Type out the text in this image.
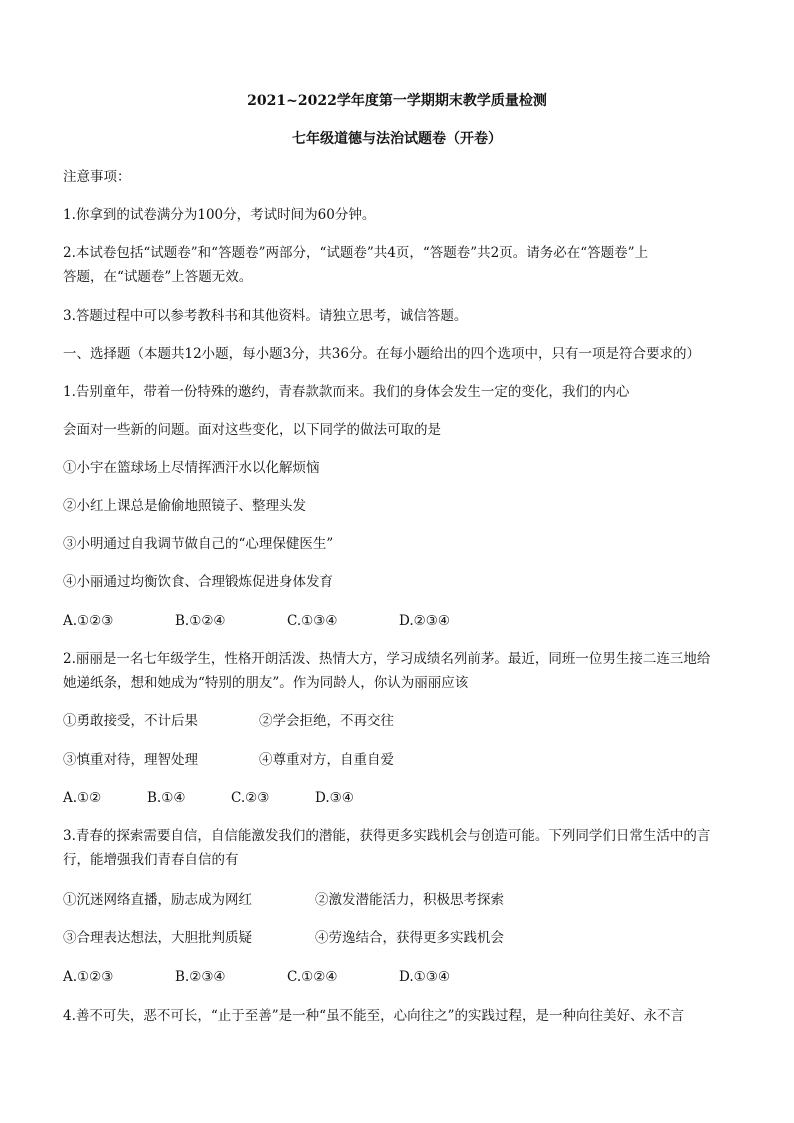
2021~2022学年度第一学期期末教学质量检测
七年级道德与法治试题卷（开卷）
注意事项：
1.你拿到的试卷满分为100分，考试时间为60分钟。
2.本试卷包括“试题卷”和“答题卷”两部分，“试题卷”共4页，“答题卷”共2页。请务必在“答题卷”上
答题，在“试题卷”上答题无效。
3.答题过程中可以参考教科书和其他资料。请独立思考，诚信答题。
一、选择题（本题共12小题，每小题3分，共36分。在每小题给出的四个选项中，只有一项是符合要求的）
1.告别童年，带着一份特殊的邀约，青春款款而来。我们的身体会发生一定的变化，我们的内心
会面对一些新的问题。面对这些变化，以下同学的做法可取的是
①小宇在篮球场上尽情挥洒汗水以化解烦恼
②小红上课总是偷偷地照镜子、整理头发
③小明通过自我调节做自己的“心理保健医生”
④小丽通过均衡饮食、合理锻炼促进身体发育
A.①②③	B.①②④	C.①③④	D.②③④
2.丽丽是一名七年级学生，性格开朗活泼、热情大方，学习成绩名列前茅。最近，同班一位男生接二连三地给
她递纸条，想和她成为“特别的朋友”。作为同龄人，你认为丽丽应该
①勇敢接受，不计后果	②学会拒绝，不再交往
③慎重对待，理智处理	④尊重对方，自重自爱
A.①②	B.①④	C.②③	D.③④
3.青春的探索需要自信，自信能激发我们的潜能，获得更多实践机会与创造可能。下列同学们日常生活中的言
行，能增强我们青春自信的有
①沉迷网络直播，励志成为网红	②激发潜能活力，积极思考探索
③合理表达想法，大胆批判质疑	④劳逸结合，获得更多实践机会
A.①②③	B.②③④	C.①②④	D.①③④
4.善不可失，恶不可长，“止于至善”是一种“虽不能至，心向往之”的实践过程，是一种向往美好、永不言
